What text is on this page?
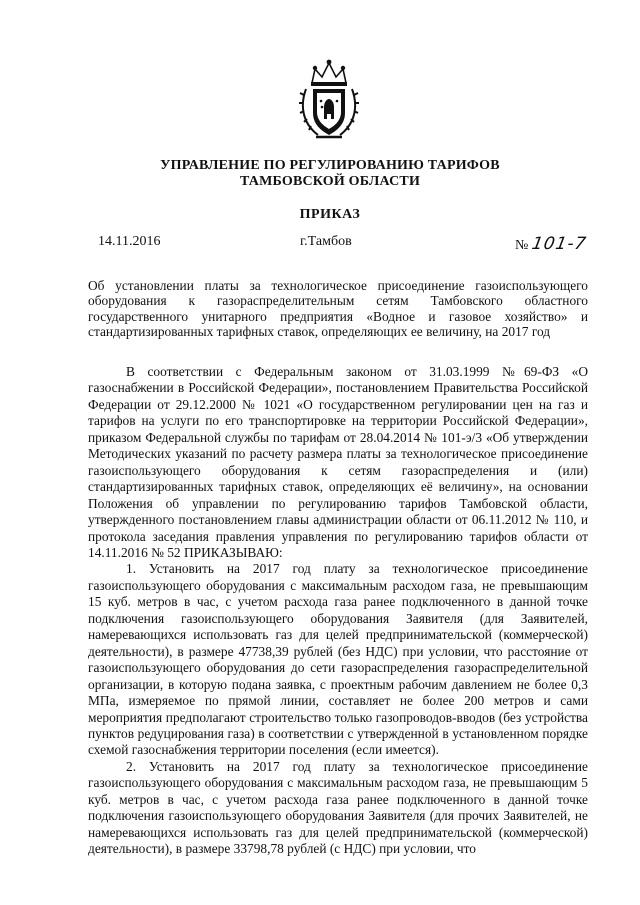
УПРАВЛЕНИЕ ПО РЕГУЛИРОВАНИЮ ТАРИФОВ
ТАМБОВСКОЙ ОБЛАСТИ
ПРИКАЗ
14.11.2016	г.Тамбов	№ 101-7
Об установлении платы за технологическое присоединение газоиспользующего оборудования к газораспределительным сетям Тамбовского областного государственного унитарного предприятия «Водное и газовое хозяйство» и стандартизированных тарифных ставок, определяющих ее величину, на 2017 год

В соответствии с Федеральным законом от 31.03.1999 №69-ФЗ «О газоснабжении в Российской Федерации», постановлением Правительства Российской Федерации от 29.12.2000 № 1021 «О государственном регулировании цен на газ и тарифов на услуги по его транспортировке на территории Российской Федерации», приказом Федеральной службы по тарифам от 28.04.2014 № 101-э/3 «Об утверждении Методических указаний по расчету размера платы за технологическое присоединение газоиспользующего оборудования к сетям газораспределения и (или) стандартизированных тарифных ставок, определяющих её величину», на основании Положения об управлении по регулированию тарифов Тамбовской области, утвержденного постановлением главы администрации области от 06.11.2012 № 110, и протокола заседания правления управления по регулированию тарифов области от 14.11.2016 № 52 ПРИКАЗЫВАЮ:

1. Установить на 2017 год плату за технологическое присоединение газоиспользующего оборудования с максимальным расходом газа, не превышающим 15 куб. метров в час, с учетом расхода газа ранее подключенного в данной точке подключения газоиспользующего оборудования Заявителя (для Заявителей, намеревающихся использовать газ для целей предпринимательской (коммерческой) деятельности), в размере 47738,39 рублей (без НДС) при условии, что расстояние от газоиспользующего оборудования до сети газораспределения газораспределительной организации, в которую подана заявка, с проектным рабочим давлением не более 0,3 МПа, измеряемое по прямой линии, составляет не более 200 метров и сами мероприятия предполагают строительство только газопроводов-вводов (без устройства пунктов редуцирования газа) в соответствии с утвержденной в установленном порядке схемой газоснабжения территории поселения (если имеется).

2. Установить на 2017 год плату за технологическое присоединение газоиспользующего оборудования с максимальным расходом газа, не превышающим 5 куб. метров в час, с учетом расхода газа ранее подключенного в данной точке подключения газоиспользующего оборудования Заявителя (для прочих Заявителей, не намеревающихся использовать газ для целей предпринимательской (коммерческой) деятельности), в размере 33798,78 рублей (с НДС) при условии, что
